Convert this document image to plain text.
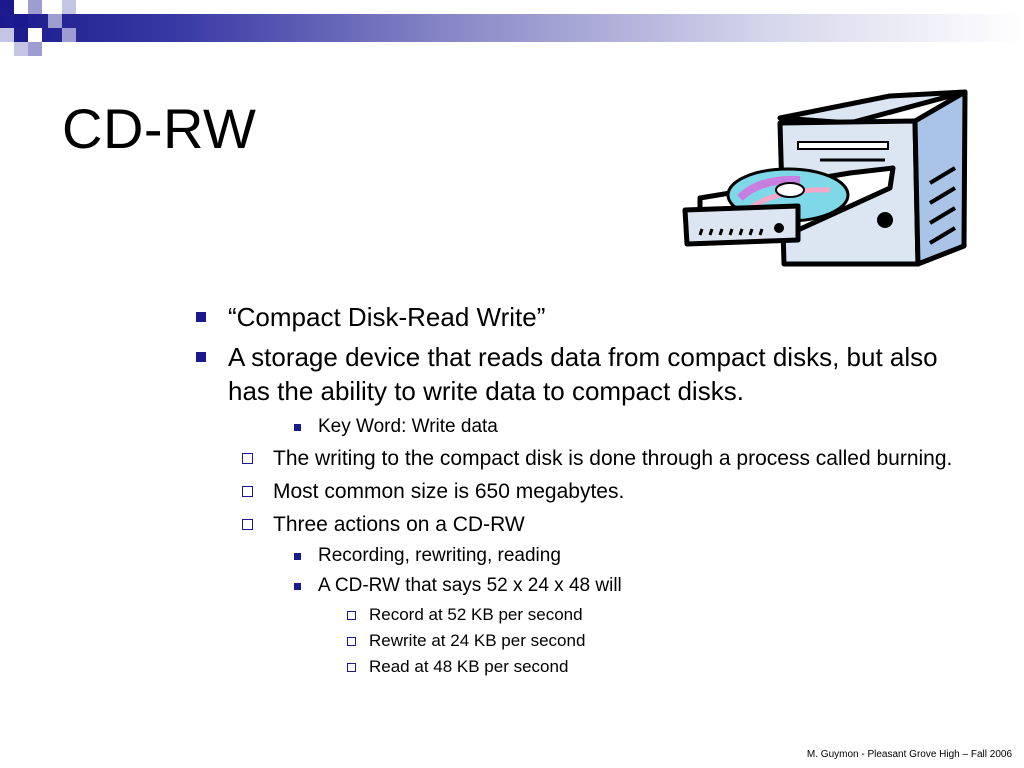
CD-RW
“Compact Disk-Read Write”
A storage device that reads data from compact disks, but also has the ability to write data to compact disks.
Key Word: Write data
The writing to the compact disk is done through a process called burning.
Most common size is 650 megabytes.
Three actions on a CD-RW
Recording, rewriting, reading
A CD-RW that says 52 x 24 x 48 will
Record at 52 KB per second
Rewrite at 24 KB per second
Read at 48 KB per second
M. Guymon - Pleasant Grove High – Fall 2006
